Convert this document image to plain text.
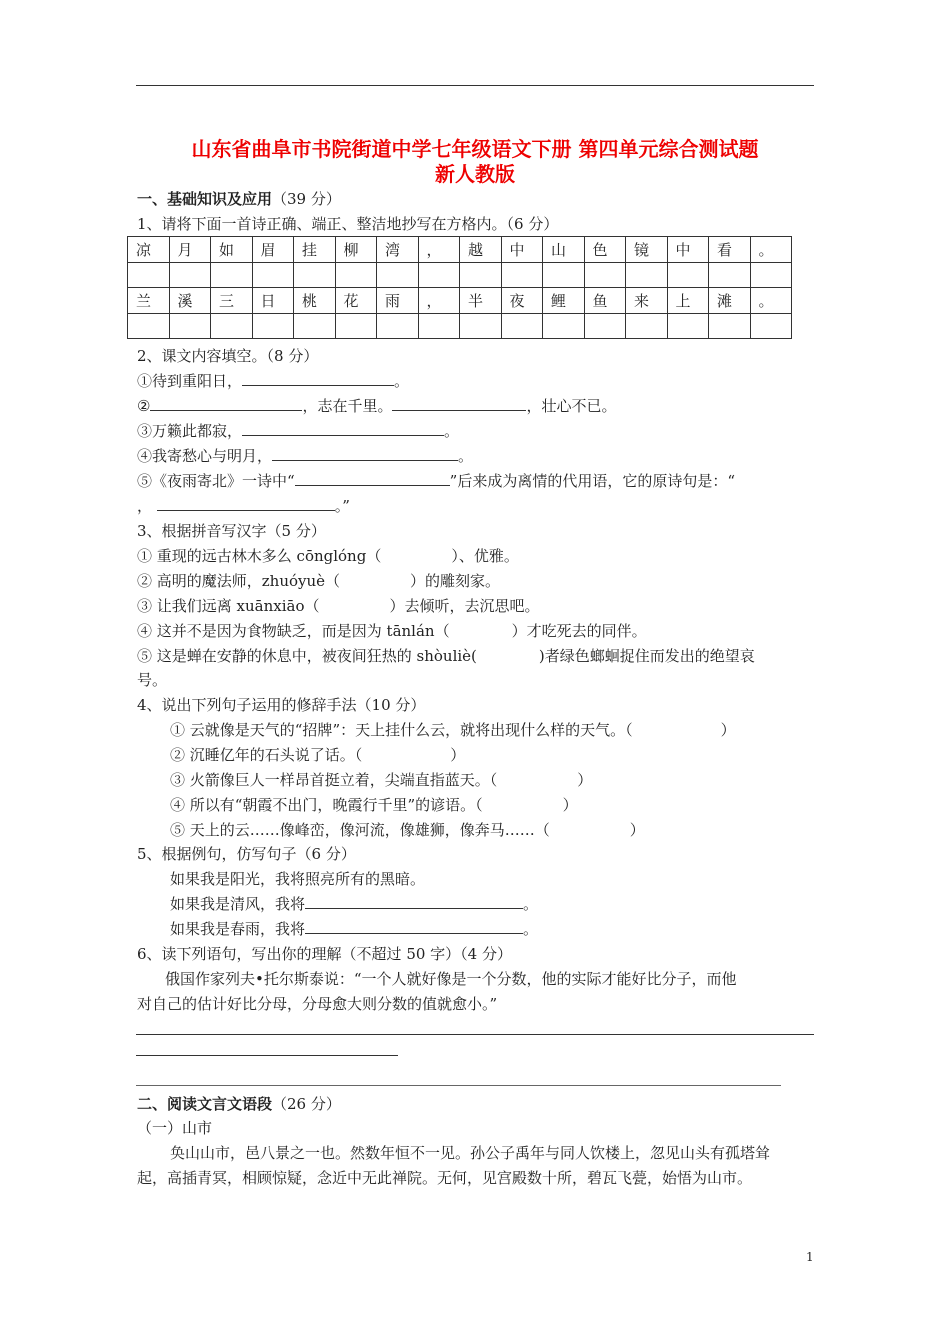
山东省曲阜市书院街道中学七年级语文下册 第四单元综合测试题
新人教版
一、基础知识及应用（39 分）
1、请将下面一首诗正确、端正、整洁地抄写在方格内。（6 分）
凉	月	如	眉	挂	柳	湾	，	越	中	山	色	镜	中	看	。

兰	溪	三	日	桃	花	雨	，	半	夜	鲤	鱼	来	上	滩	。

2、课文内容填空。（8 分）
①待到重阳日，	。
②	，志在千里。	，壮心不已。
③万籁此都寂，	。
④我寄愁心与明月，	。
⑤《夜雨寄北》一诗中“	”后来成为离情的代用语，它的原诗句是：“
，	。”
3、根据拼音写汉字（5 分）
号。
4、说出下列句子运用的修辞手法（10 分）
5、根据例句，仿写句子（6 分）
如果我是阳光，我将照亮所有的黑暗。
如果我是清风，我将	。
如果我是春雨，我将	。
6、读下列语句，写出你的理解（不超过 50 字）（4 分）
俄国作家列夫•托尔斯泰说：“一个人就好像是一个分数，他的实际才能好比分子，而他
对自己的估计好比分母，分母愈大则分数的值就愈小。”
二、阅读文言文语段（26 分）
（一）山市
奂山山市，邑八景之一也。然数年恒不一见。孙公子禹年与同人饮楼上，忽见山头有孤塔耸
起，高插青冥，相顾惊疑，念近中无此禅院。无何，见宫殿数十所，碧瓦飞甍，始悟为山市。
1
① 重现的远古林木多么 cōnglóng（	）、优雅。
② 高明的魔法师，zhuóyuè（	）的雕刻家。
③ 让我们远离 xuānxiāo（	）去倾听，去沉思吧。
④ 这并不是因为食物缺乏，而是因为 tānlán（	）才吃死去的同伴。
⑤ 这是蝉在安静的休息中，被夜间狂热的 shòuliè(	)者绿色螂蛔捉住而发出的绝望哀
① 云就像是天气的“招牌”：天上挂什么云，就将出现什么样的天气。（	）
② 沉睡亿年的石头说了话。（	）
③ 火箭像巨人一样昂首挺立着，尖端直指蓝天。（	）
④ 所以有“朝霞不出门，晚霞行千里”的谚语。（	）
⑤ 天上的云……像峰峦，像河流，像雄狮，像奔马……（	）
